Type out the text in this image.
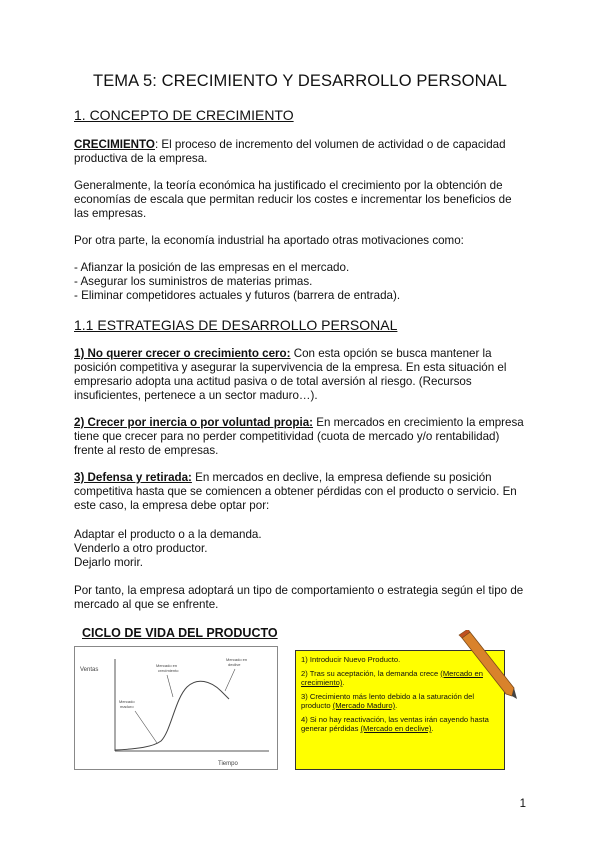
TEMA 5: CRECIMIENTO Y DESARROLLO PERSONAL
1. CONCEPTO DE CRECIMIENTO

CRECIMIENTO: El proceso de incremento del volumen de actividad o de capacidad productiva de la empresa.

Generalmente, la teoría económica ha justificado el crecimiento por la obtención de economías de escala que permitan reducir los costes e incrementar los beneficios de las empresas.
Por otra parte, la economía industrial ha aportado otras motivaciones como:
- Afianzar la posición de las empresas en el mercado.
- Asegurar los suministros de materias primas.
- Eliminar competidores actuales y futuros (barrera de entrada).
1.1 ESTRATEGIAS DE DESARROLLO PERSONAL

1) No querer crecer o crecimiento cero: Con esta opción se busca mantener la posición competitiva y asegurar la supervivencia de la empresa. En esta situación el empresario adopta una actitud pasiva o de total aversión al riesgo. (Recursos insuficientes, pertenece a un sector maduro…).

2) Crecer por inercia o por voluntad propia: En mercados en crecimiento la empresa tiene que crecer para no perder competitividad (cuota de mercado y/o rentabilidad) frente al resto de empresas.

3) Defensa y retirada: En mercados en declive, la empresa defiende su posición competitiva hasta que se comiencen a obtener pérdidas con el producto o servicio. En este caso, la empresa debe optar por:

Adaptar el producto o a la demanda.
Venderlo a otro productor.
Dejarlo morir.
Por tanto, la empresa adoptará un tipo de comportamiento o estrategia según el tipo de mercado al que se enfrente.
CICLO DE VIDA DEL PRODUCTO
Ventas
Tiempo
Mercado en
crecimiento
Mercado
maduro
Mercado en
declive

1) Introducir Nuevo Producto.

2) Tras su aceptación, la demanda crece (Mercado en crecimiento).

3) Crecimiento más lento debido a la saturación del producto (Mercado Maduro).

4) Si no hay reactivación, las ventas irán cayendo hasta generar pérdidas (Mercado en declive).

1
